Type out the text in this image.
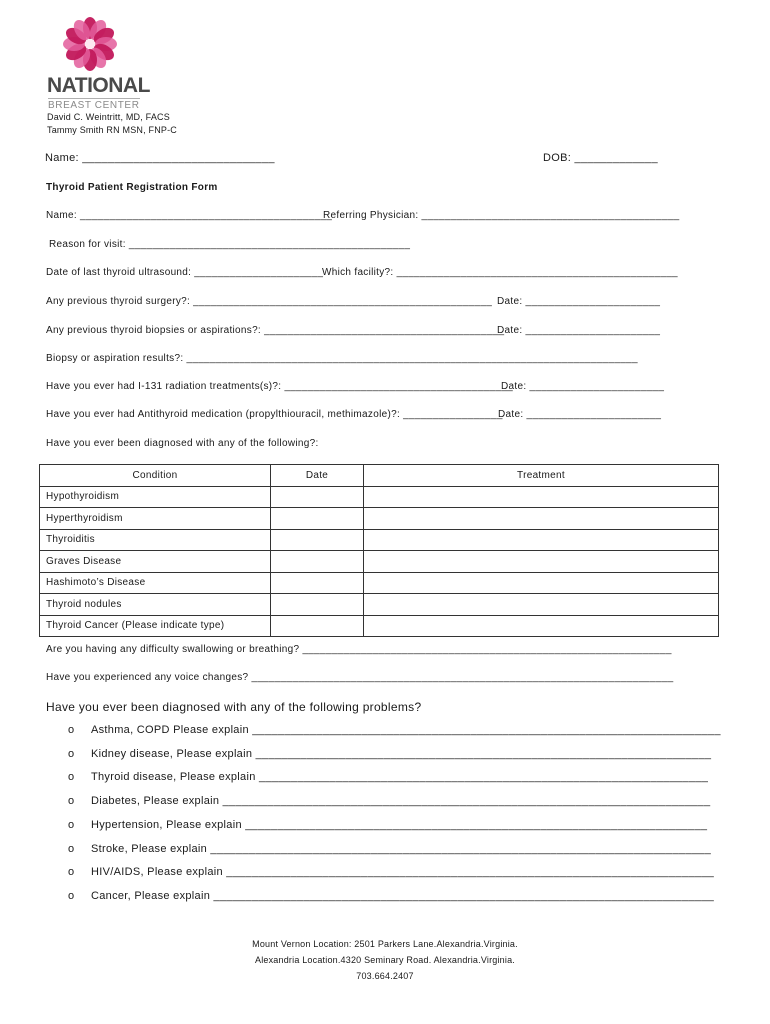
NATIONAL
BREAST CENTER
David C. Weintritt, MD, FACS
Tammy Smith RN MSN, FNP-C
Name: ______________________________	DOB: _____________
Thyroid Patient Registration Form
Name: ___________________________________________
Referring Physician: ____________________________________________
Reason for visit: ________________________________________________
Date of last thyroid ultrasound: ______________________
Which facility?: ________________________________________________
Any previous thyroid surgery?: ___________________________________________________ Date: _______________________
Any previous thyroid biopsies or aspirations?: _________________________________________
Date: _______________________
Biopsy or aspiration results?: _____________________________________________________________________________
Have you ever had I-131 radiation treatments(s)?: _______________________________________
Date: _______________________
Have you ever had Antithyroid medication (propylthiouracil, methimazole)?: _________________
Date: _______________________
Have you ever been diagnosed with any of the following?:
Condition	Date	Treatment
Hypothyroidism		
Hyperthyroidism		
Thyroiditis		
Graves Disease		
Hashimoto’s Disease		
Thyroid nodules		
Thyroid Cancer (Please indicate type)		
Are you having any difficulty swallowing or breathing? _______________________________________________________________
Have you experienced any voice changes? ________________________________________________________________________
Have you ever been diagnosed with any of the following problems?
o Asthma, COPD Please explain _________________________________________________________________________
o Kidney disease, Please explain _______________________________________________________________________
o Thyroid disease, Please explain ______________________________________________________________________
o Diabetes, Please explain ____________________________________________________________________________
o Hypertension, Please explain ________________________________________________________________________
o Stroke, Please explain ______________________________________________________________________________
o HIV/AIDS, Please explain ____________________________________________________________________________
o Cancer, Please explain ______________________________________________________________________________
Mount Vernon Location: 2501 Parkers Lane.Alexandria.Virginia.
Alexandria Location.4320 Seminary Road. Alexandria.Virginia.
703.664.2407
